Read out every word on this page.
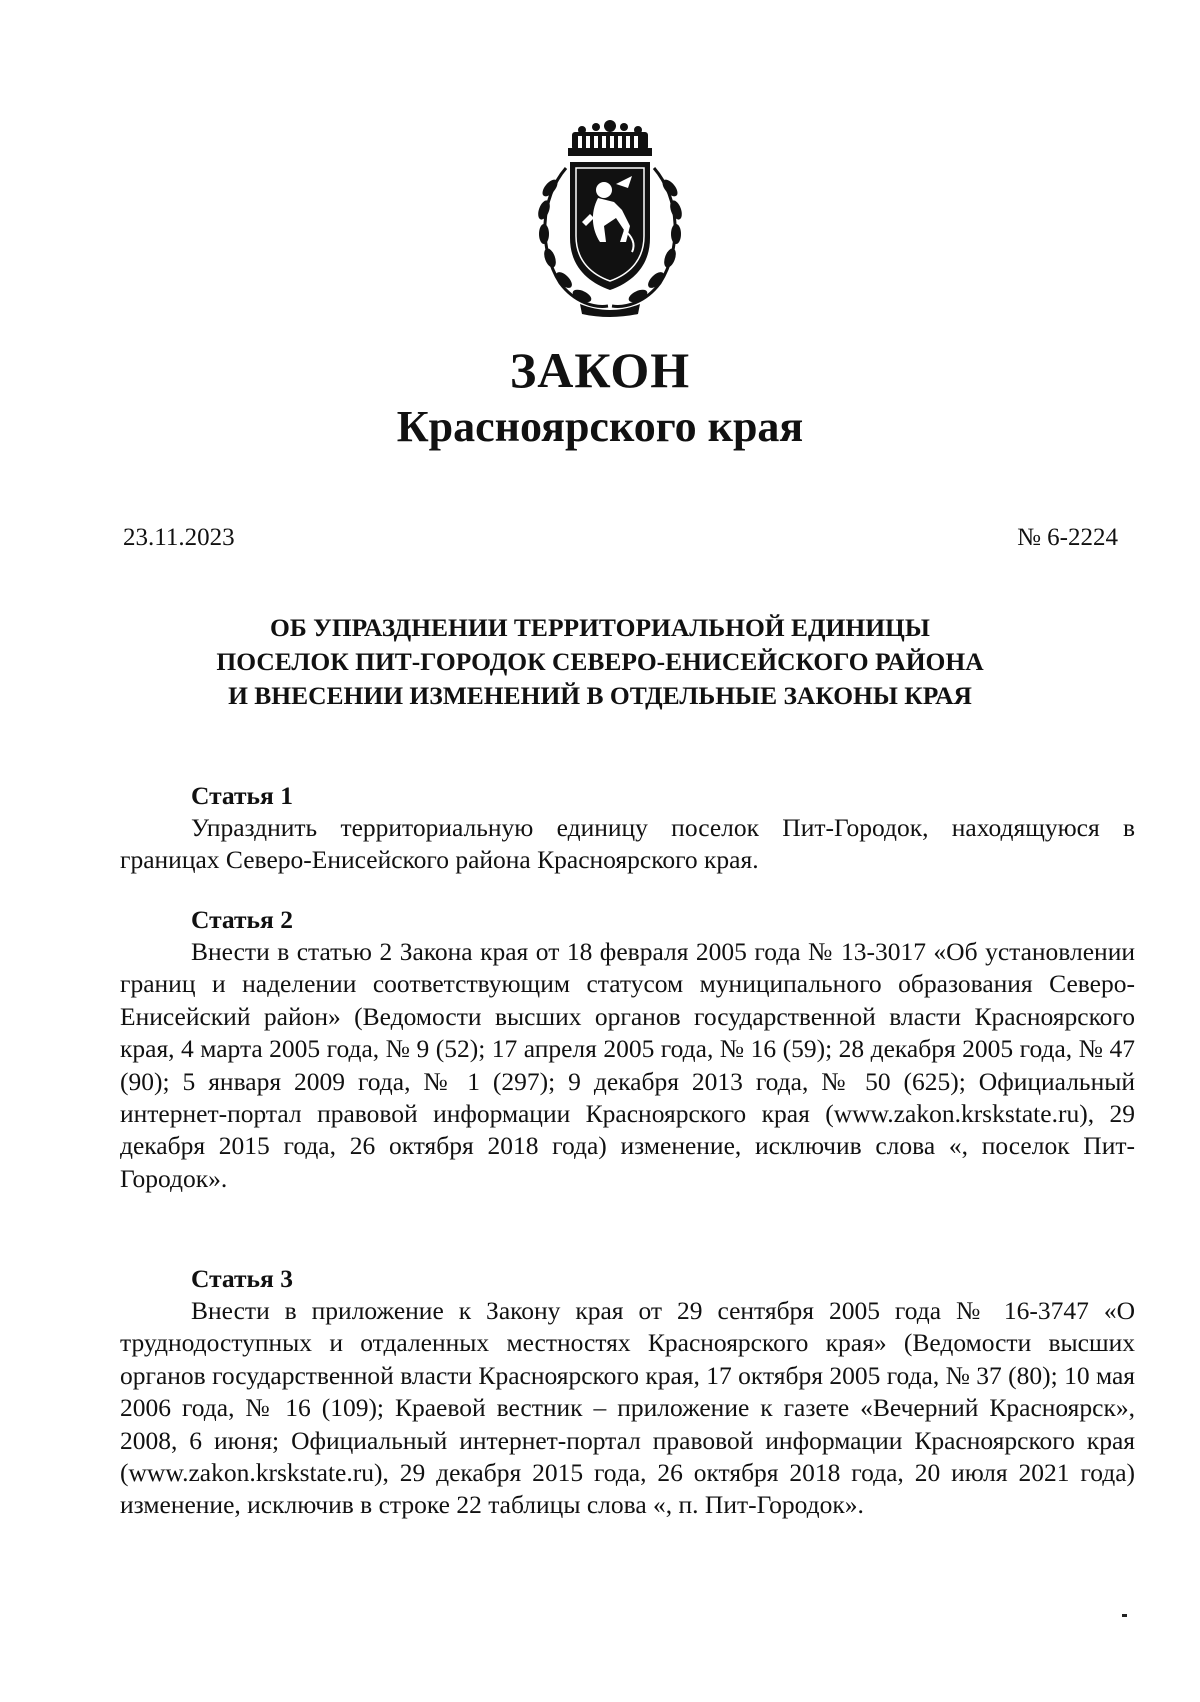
ЗАКОН
Красноярского края
23.11.2023	№ 6-2224
ОБ УПРАЗДНЕНИИ ТЕРРИТОРИАЛЬНОЙ ЕДИНИЦЫ
ПОСЕЛОК ПИТ-ГОРОДОК СЕВЕРО-ЕНИСЕЙСКОГО РАЙОНА
И ВНЕСЕНИИ ИЗМЕНЕНИЙ В ОТДЕЛЬНЫЕ ЗАКОНЫ КРАЯ
Статья 1
Упразднить территориальную единицу поселок Пит-Городок, находящуюся в границах Северо-Енисейского района Красноярского края.
Статья 2
Внести в статью 2 Закона края от 18 февраля 2005 года № 13-3017 «Об установлении границ и наделении соответствующим статусом муниципального образования Северо-Енисейский район» (Ведомости высших органов государственной власти Красноярского края, 4 марта 2005 года, № 9 (52); 17 апреля 2005 года, № 16 (59); 28 декабря 2005 года, № 47 (90); 5 января 2009 года, № 1 (297); 9 декабря 2013 года, № 50 (625); Официальный интернет-портал правовой информации Красноярского края (www.zakon.krskstate.ru), 29 декабря 2015 года, 26 октября 2018 года) изменение, исключив слова «, поселок Пит-Городок».
Статья 3
Внести в приложение к Закону края от 29 сентября 2005 года № 16-3747 «О труднодоступных и отдаленных местностях Красноярского края» (Ведомости высших органов государственной власти Красноярского края, 17 октября 2005 года, № 37 (80); 10 мая 2006 года, № 16 (109); Краевой вестник – приложение к газете «Вечерний Красноярск», 2008, 6 июня; Официальный интернет-портал правовой информации Красноярского края (www.zakon.krskstate.ru), 29 декабря 2015 года, 26 октября 2018 года, 20 июля 2021 года) изменение, исключив в строке 22 таблицы слова «, п. Пит-Городок».
